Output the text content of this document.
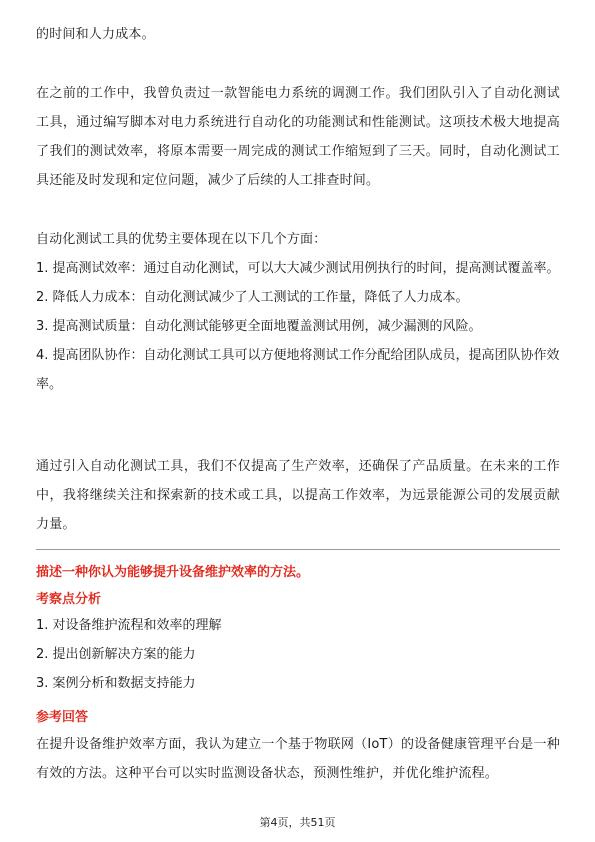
的时间和人力成本。

在之前的工作中，我曾负责过一款智能电力系统的调测工作。我们团队引入了自动化测试工具，通过编写脚本对电力系统进行自动化的功能测试和性能测试。这项技术极大地提高了我们的测试效率，将原本需要一周完成的测试工作缩短到了三天。同时，自动化测试工具还能及时发现和定位问题，减少了后续的人工排查时间。

自动化测试工具的优势主要体现在以下几个方面：

1. 提高测试效率：通过自动化测试，可以大大减少测试用例执行的时间，提高测试覆盖率。

2. 降低人力成本：自动化测试减少了人工测试的工作量，降低了人力成本。

3. 提高测试质量：自动化测试能够更全面地覆盖测试用例，减少漏测的风险。

4. 提高团队协作：自动化测试工具可以方便地将测试工作分配给团队成员，提高团队协作效率。

通过引入自动化测试工具，我们不仅提高了生产效率，还确保了产品质量。在未来的工作中，我将继续关注和探索新的技术或工具，以提高工作效率，为远景能源公司的发展贡献力量。

描述一种你认为能够提升设备维护效率的方法。

考察点分析

1. 对设备维护流程和效率的理解

2. 提出创新解决方案的能力

3. 案例分析和数据支持能力

参考回答

在提升设备维护效率方面，我认为建立一个基于物联网（IoT）的设备健康管理平台是一种有效的方法。这种平台可以实时监测设备状态，预测性维护，并优化维护流程。

第4页，共51页
